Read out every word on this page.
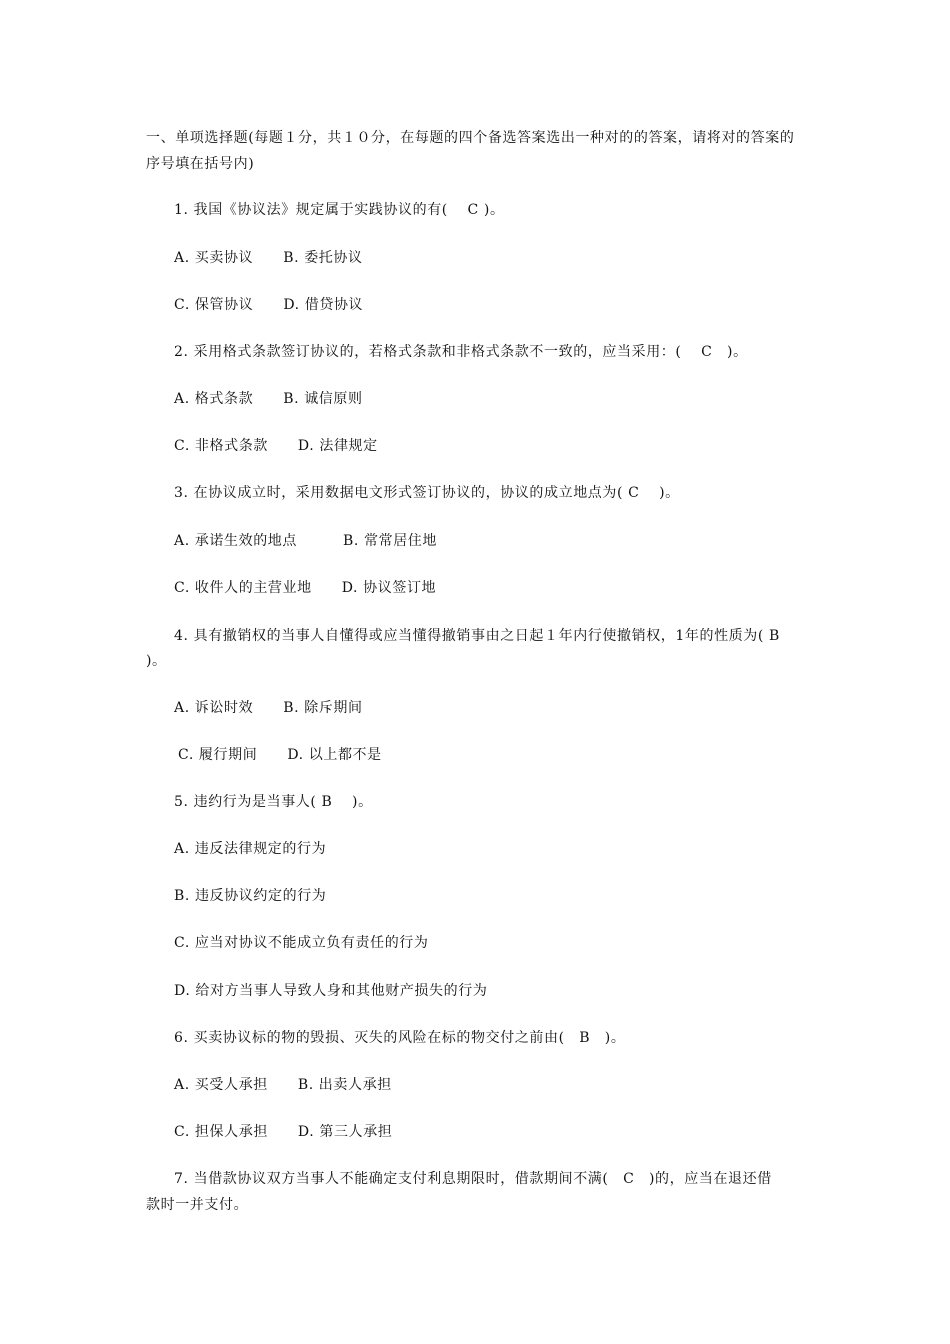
一、单项选择题(每题１分，共１０分，在每题的四个备选答案选出一种对的的答案，请将对的答案的
序号填在括号内)
1. 我国《协议法》规定属于实践协议的有(　 C )。
A. 买卖协议 B. 委托协议
C. 保管协议 D. 借贷协议
2. 采用格式条款签订协议的，若格式条款和非格式条款不一致的，应当采用：( 　C　)。
A. 格式条款 B. 诚信原则
C. 非格式条款 D. 法律规定
3. 在协议成立时，采用数据电文形式签订协议的，协议的成立地点为( C　 )。
A. 承诺生效的地点	B. 常常居住地
C. 收件人的主营业地 D. 协议签订地
4. 具有撤销权的当事人自懂得或应当懂得撤销事由之日起１年内行使撤销权，1年的性质为( B
)。
A. 诉讼时效 B. 除斥期间
C. 履行期间 D. 以上都不是
5. 违约行为是当事人( B 　)。
A. 违反法律规定的行为
B. 违反协议约定的行为
C. 应当对协议不能成立负有责任的行为
D. 给对方当事人导致人身和其他财产损失的行为
6. 买卖协议标的物的毁损、灭失的风险在标的物交付之前由(　B　)。
A. 买受人承担 B. 出卖人承担
C. 担保人承担 D. 第三人承担
7. 当借款协议双方当事人不能确定支付利息期限时，借款期间不满(　C　)的，应当在退还借
款时一并支付。
